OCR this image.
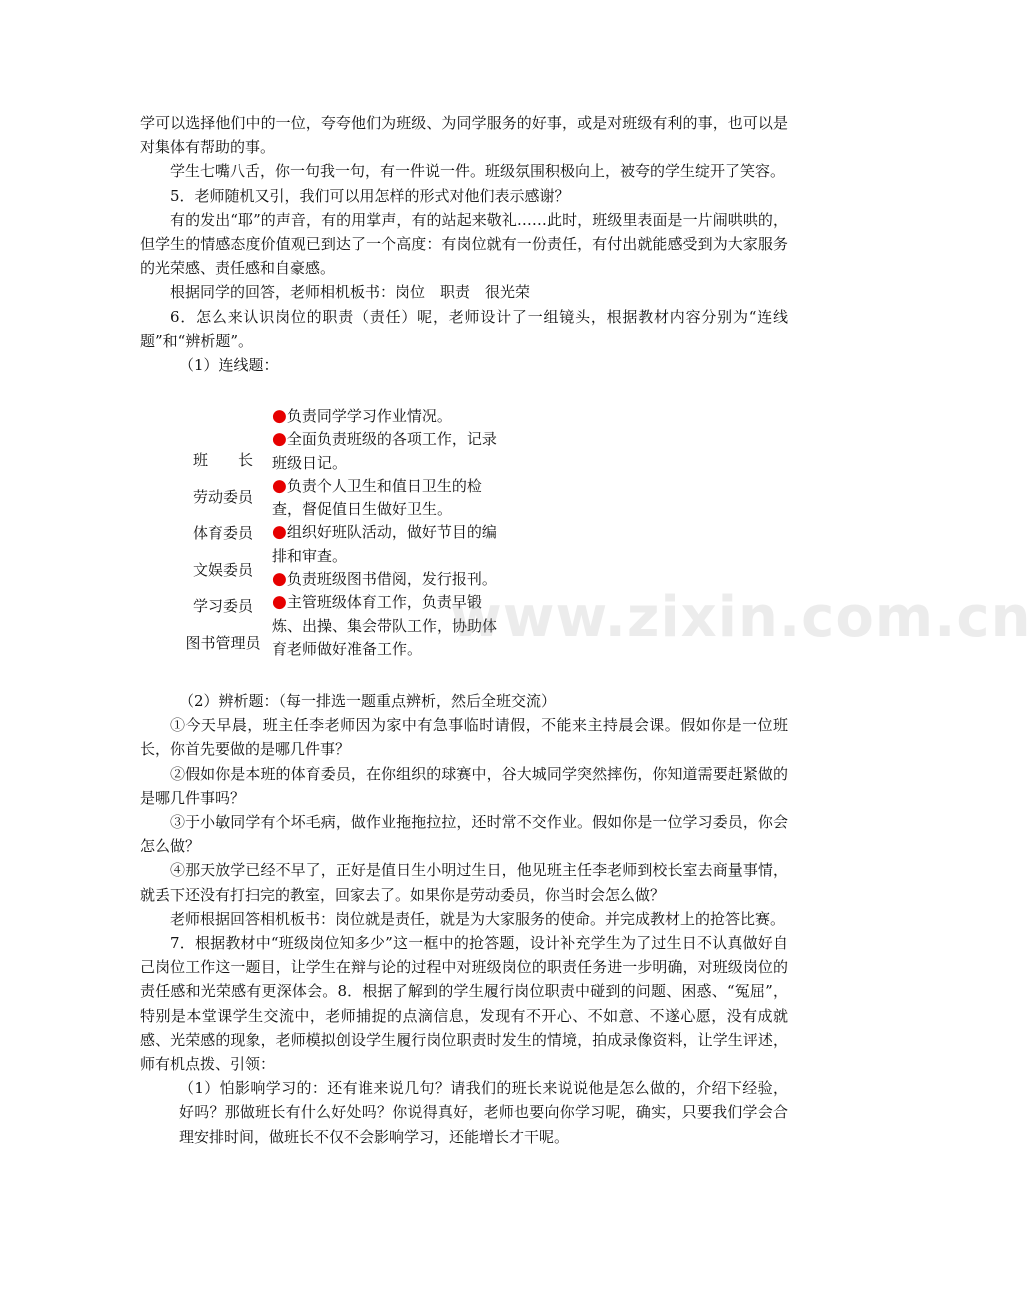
学可以选择他们中的一位，夸夸他们为班级、为同学服务的好事，或是对班级有利的事，也可以是对集体有帮助的事。

学生七嘴八舌，你一句我一句，有一件说一件。班级氛围积极向上，被夸的学生绽开了笑容。

5．老师随机又引，我们可以用怎样的形式对他们表示感谢？

有的发出“耶”的声音，有的用掌声，有的站起来敬礼……此时，班级里表面是一片闹哄哄的，但学生的情感态度价值观已到达了一个高度：有岗位就有一份责任，有付出就能感受到为大家服务的光荣感、责任感和自豪感。

根据同学的回答，老师相机板书：岗位　职责　很光荣

6．怎么来认识岗位的职责（责任）呢，老师设计了一组镜头，根据教材内容分别为“连线题”和“辨析题”。

（1）连线题：

班　　长
劳动委员
体育委员
文娱委员
学习委员
图书管理员

●负责同学学习作业情况。

●全面负责班级的各项工作，记录班级日记。

●负责个人卫生和值日卫生的检查，督促值日生做好卫生。

●组织好班队活动，做好节目的编排和审查。

●负责班级图书借阅，发行报刊。

●主管班级体育工作，负责早锻炼、出操、集会带队工作，协助体育老师做好准备工作。 www.zixin.com.cn

（2）辨析题：（每一排选一题重点辨析，然后全班交流）

①今天早晨，班主任李老师因为家中有急事临时请假，不能来主持晨会课。假如你是一位班长，你首先要做的是哪几件事？

②假如你是本班的体育委员，在你组织的球赛中，谷大城同学突然摔伤，你知道需要赶紧做的是哪几件事吗？

③于小敏同学有个坏毛病，做作业拖拖拉拉，还时常不交作业。假如你是一位学习委员，你会怎么做？

④那天放学已经不早了，正好是值日生小明过生日，他见班主任李老师到校长室去商量事情，就丢下还没有打扫完的教室，回家去了。如果你是劳动委员，你当时会怎么做？

老师根据回答相机板书：岗位就是责任，就是为大家服务的使命。并完成教材上的抢答比赛。

7．根据教材中“班级岗位知多少”这一框中的抢答题，设计补充学生为了过生日不认真做好自己岗位工作这一题目，让学生在辩与论的过程中对班级岗位的职责任务进一步明确，对班级岗位的责任感和光荣感有更深体会。8．根据了解到的学生履行岗位职责中碰到的问题、困惑、“冤屈”，特别是本堂课学生交流中，老师捕捉的点滴信息，发现有不开心、不如意、不遂心愿，没有成就感、光荣感的现象，老师模拟创设学生履行岗位职责时发生的情境，拍成录像资料，让学生评述，师有机点拨、引领：

（1）怕影响学习的：还有谁来说几句？请我们的班长来说说他是怎么做的，介绍下经验，好吗？那做班长有什么好处吗？你说得真好，老师也要向你学习呢，确实，只要我们学会合理安排时间，做班长不仅不会影响学习，还能增长才干呢。
